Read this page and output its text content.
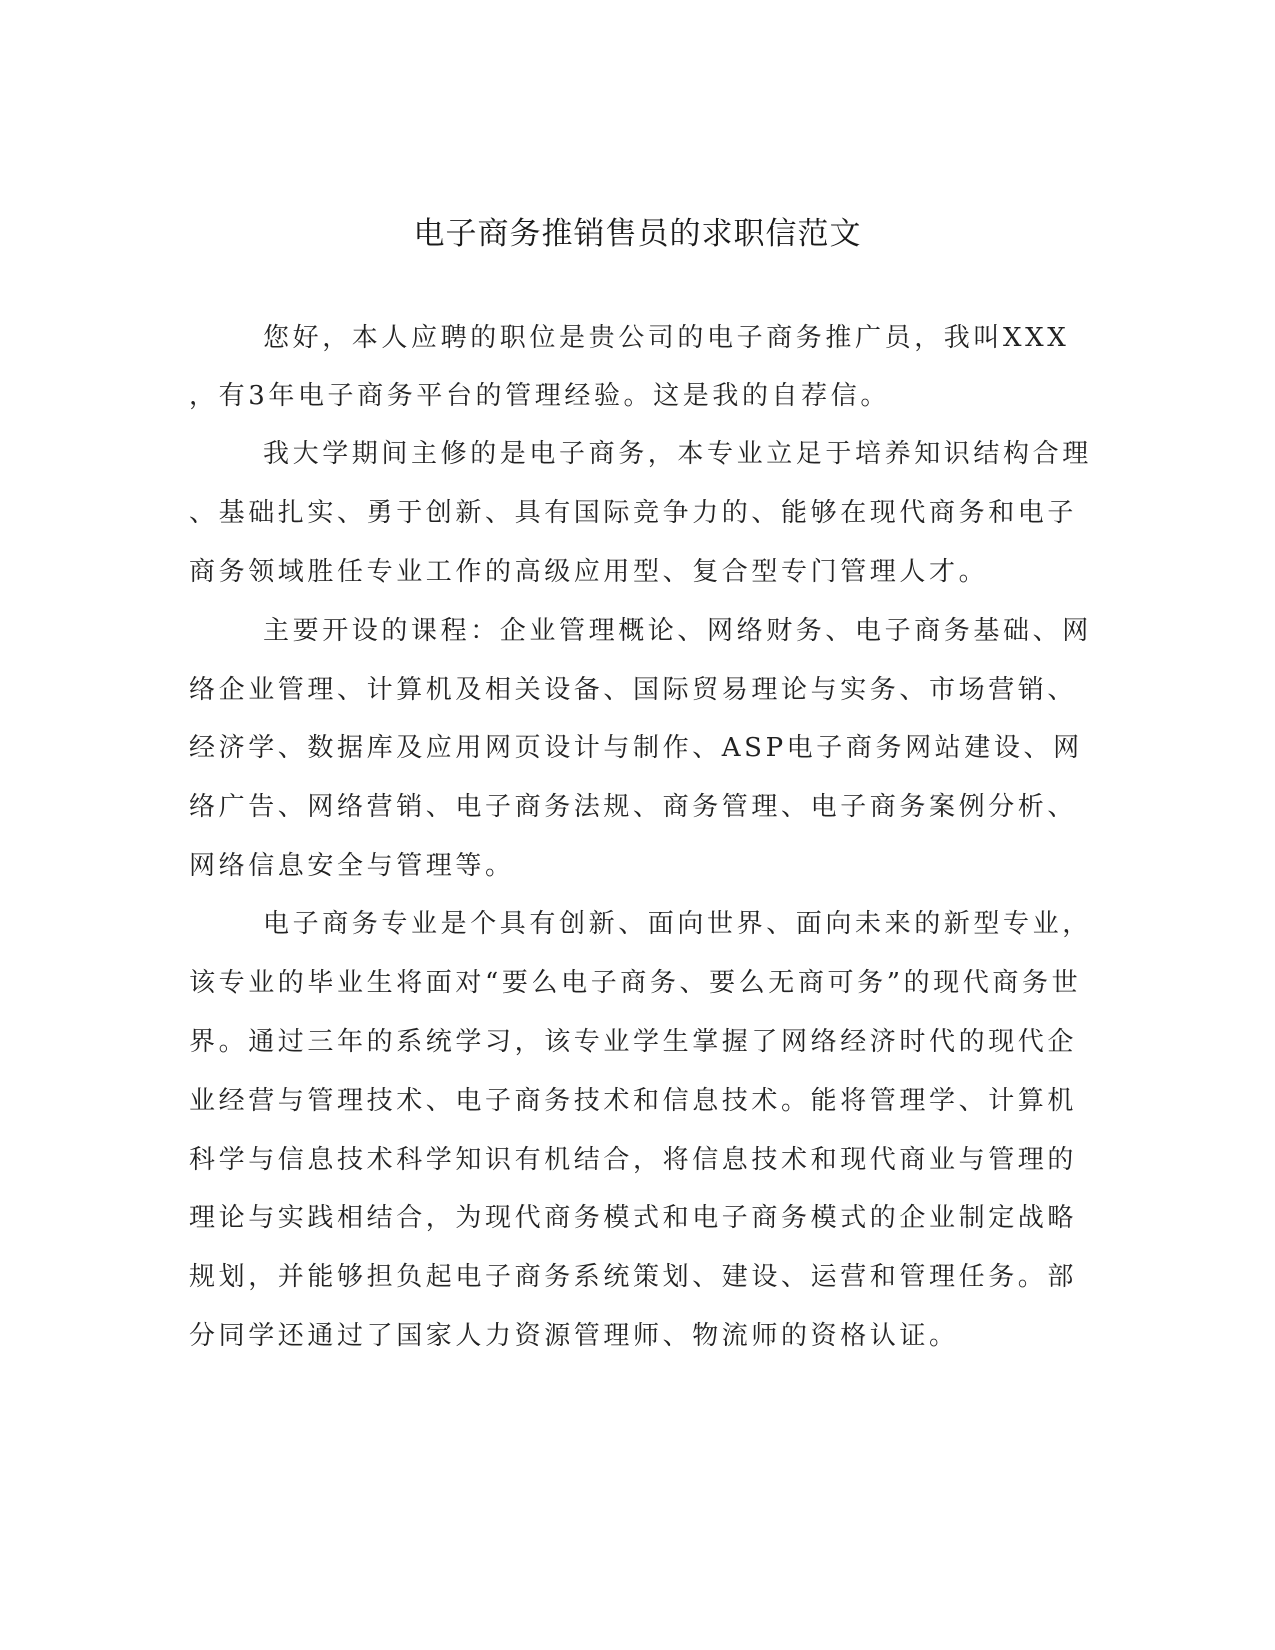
电子商务推销售员的求职信范文

您好，本人应聘的职位是贵公司的电子商务推广员，我叫XXX

，有3年电子商务平台的管理经验。这是我的自荐信。

我大学期间主修的是电子商务，本专业立足于培养知识结构合理

、基础扎实、勇于创新、具有国际竞争力的、能够在现代商务和电子

商务领域胜任专业工作的高级应用型、复合型专门管理人才。

主要开设的课程：企业管理概论、网络财务、电子商务基础、网

络企业管理、计算机及相关设备、国际贸易理论与实务、市场营销、

经济学、数据库及应用网页设计与制作、ASP电子商务网站建设、网

络广告、网络营销、电子商务法规、商务管理、电子商务案例分析、

网络信息安全与管理等。

电子商务专业是个具有创新、面向世界、面向未来的新型专业，

该专业的毕业生将面对“要么电子商务、要么无商可务”的现代商务世

界。通过三年的系统学习，该专业学生掌握了网络经济时代的现代企

业经营与管理技术、电子商务技术和信息技术。能将管理学、计算机

科学与信息技术科学知识有机结合，将信息技术和现代商业与管理的

理论与实践相结合，为现代商务模式和电子商务模式的企业制定战略

规划，并能够担负起电子商务系统策划、建设、运营和管理任务。部

分同学还通过了国家人力资源管理师、物流师的资格认证。
